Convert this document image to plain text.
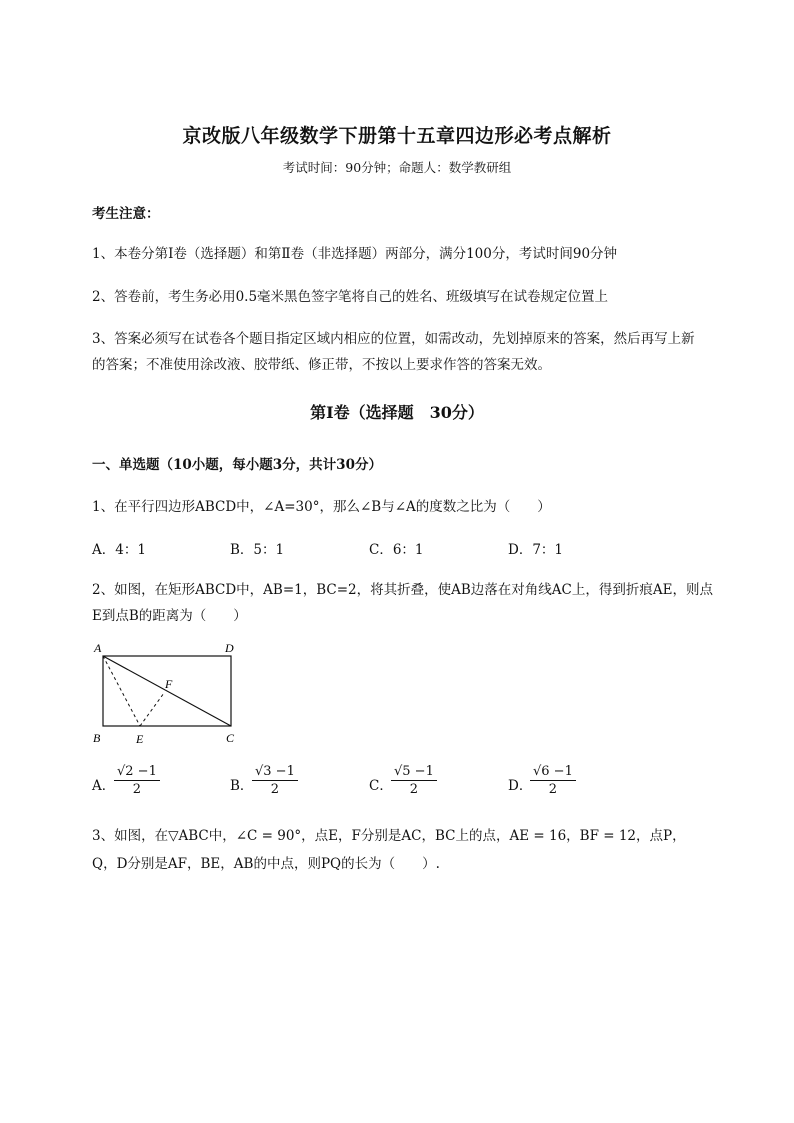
京改版八年级数学下册第十五章四边形必考点解析
考试时间：90分钟；命题人：数学教研组
考生注意：
1、本卷分第Ⅰ卷（选择题）和第Ⅱ卷（非选择题）两部分，满分100分，考试时间90分钟
2、答卷前，考生务必用0.5毫米黑色签字笔将自己的姓名、班级填写在试卷规定位置上
3、答案必须写在试卷各个题目指定区域内相应的位置，如需改动，先划掉原来的答案，然后再写上新
的答案；不准使用涂改液、胶带纸、修正带，不按以上要求作答的答案无效。
第Ⅰ卷（选择题　30分）
一、单选题（10小题，每小题3分，共计30分）
1、在平行四边形ABCD中，∠A=30°，那么∠B与∠A的度数之比为（　　）
A．4：1	B．5：1	C．6：1	D．7：1
2、如图，在矩形ABCD中，AB=1，BC=2，将其折叠，使AB边落在对角线AC上，得到折痕AE，则点
E到点B的距离为（　　）
A	D
B	E	C
F
A．
$\frac{√2 -1}{2}$	B．
$\frac{√3 -1}{2}$	C．
$\frac{√5 -1}{2}$	D．
$\frac{√6 -1}{2}$
3、如图，在▽ABC中，∠C = 90°，点E，F分别是AC，BC上的点，AE = 16，BF = 12，点P，
Q，D分别是AF，BE，AB的中点，则PQ的长为（　　）.
